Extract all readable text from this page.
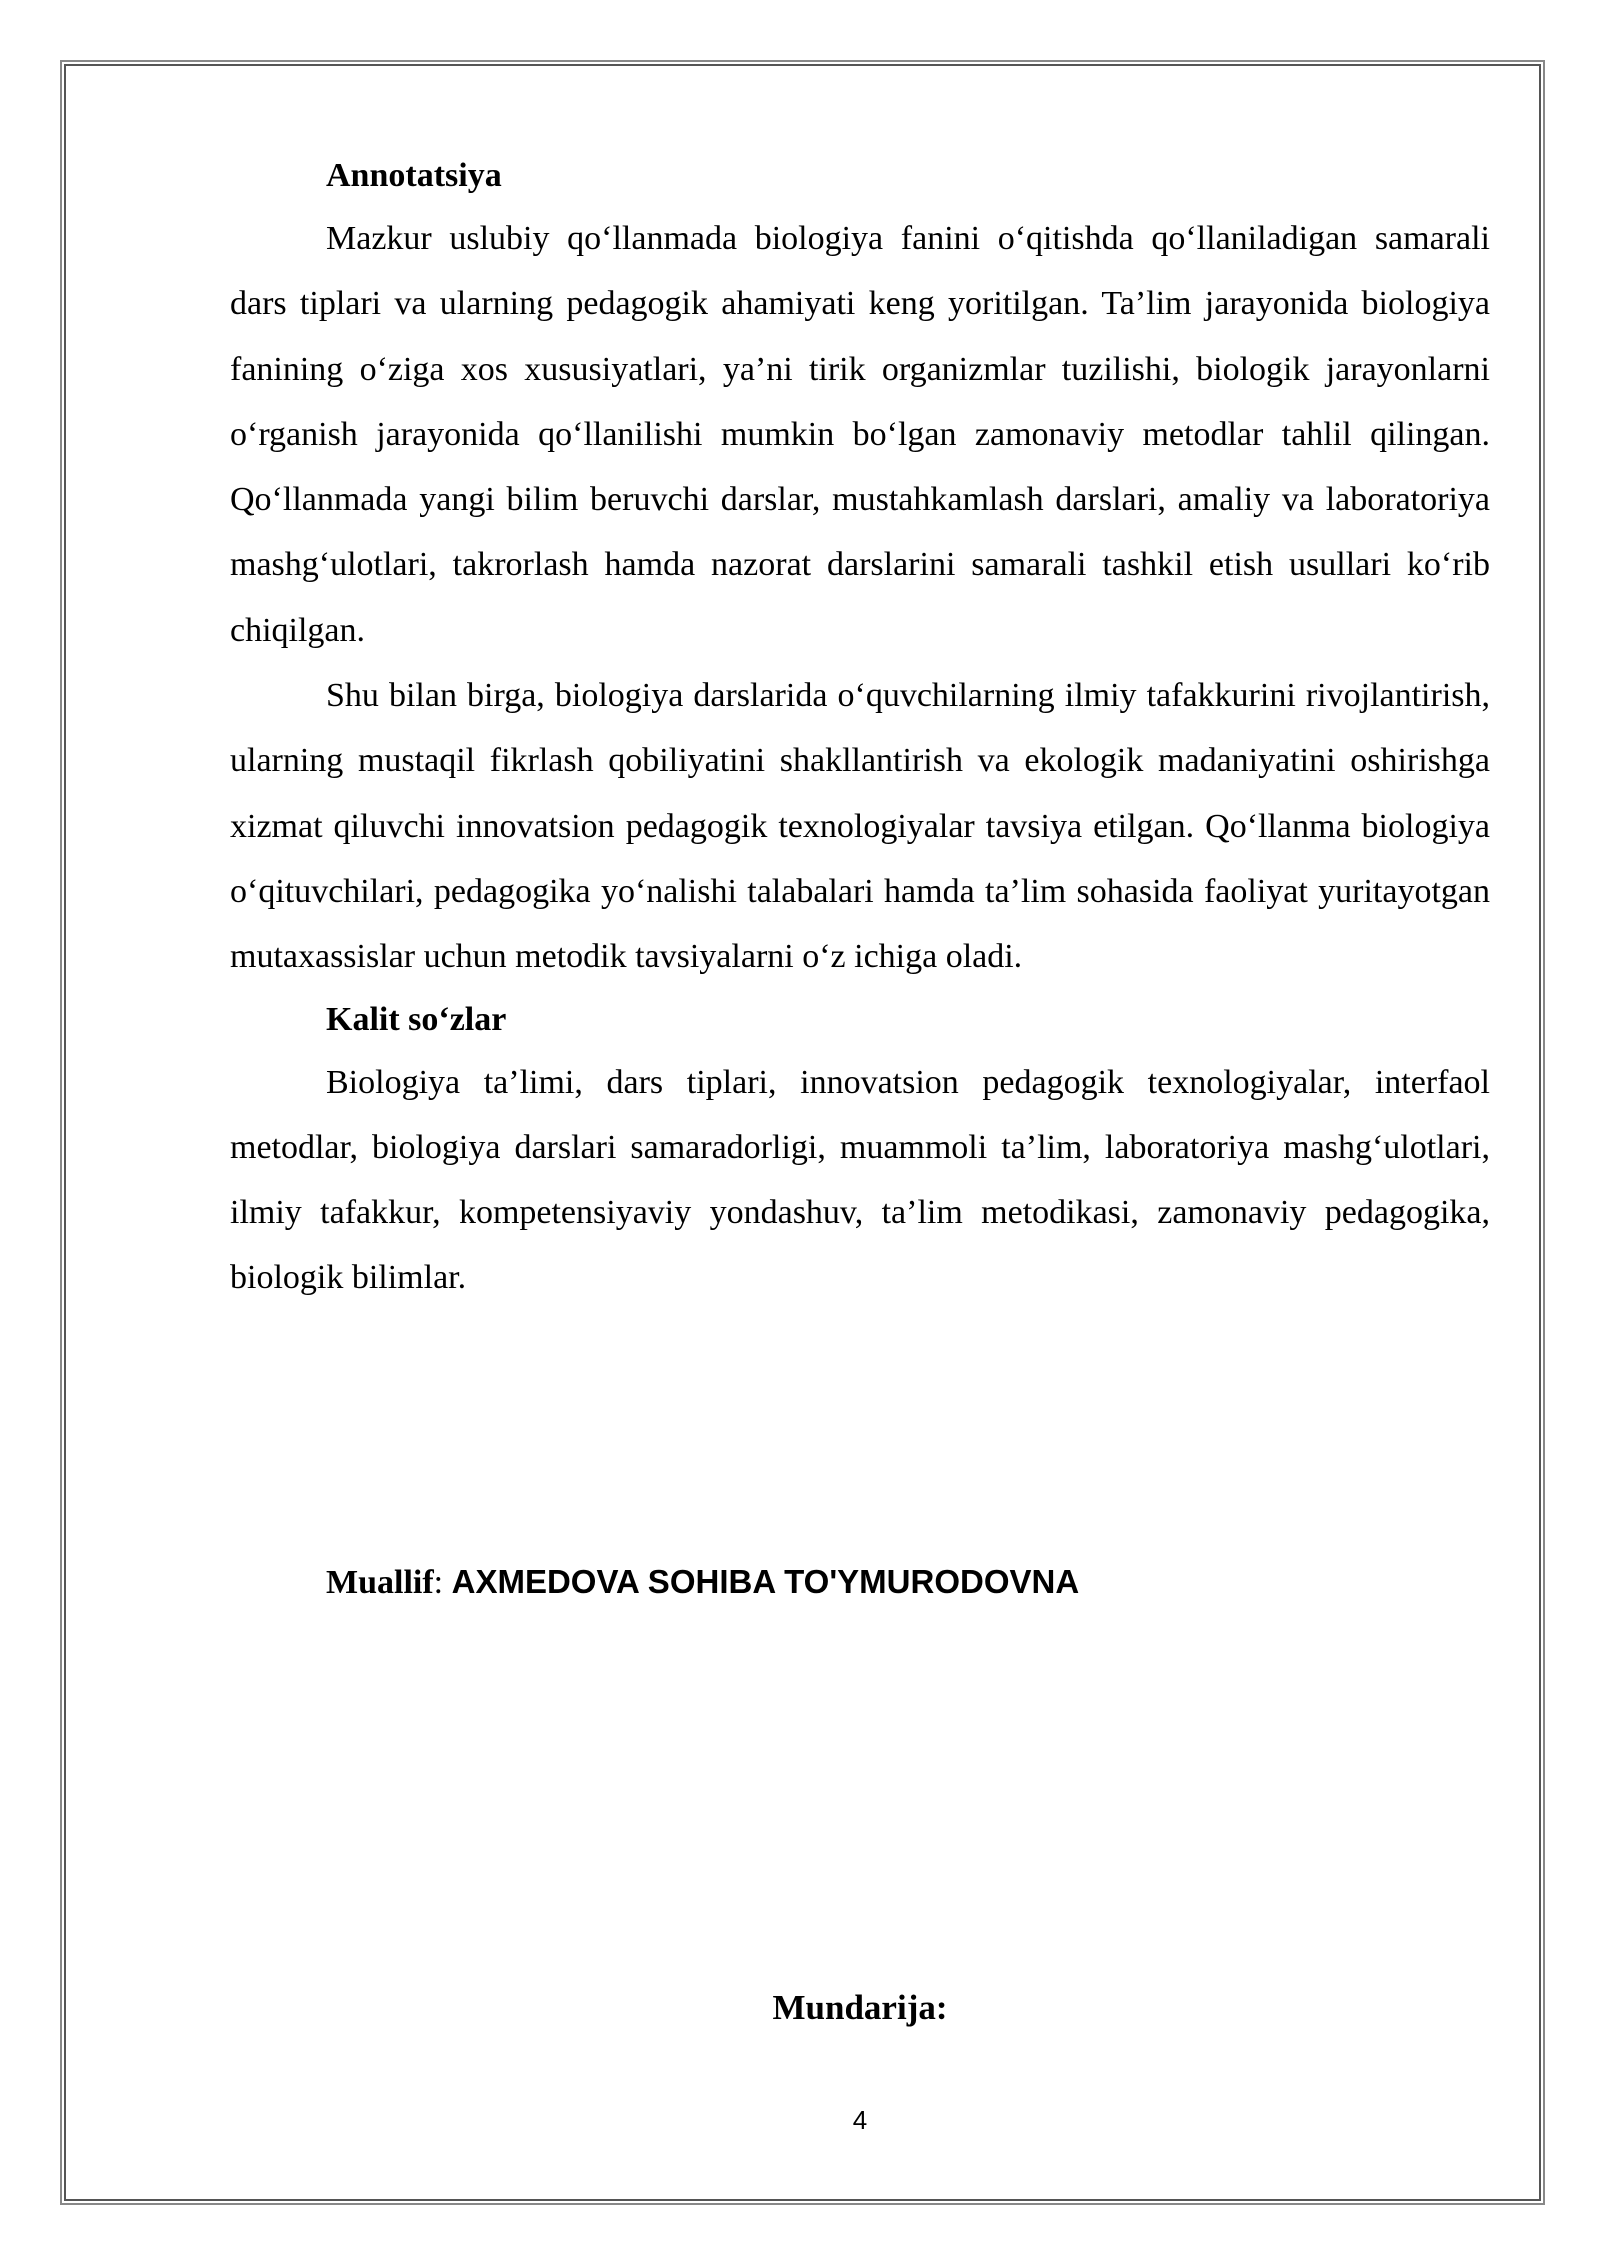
Annotatsiya

Mazkur uslubiy qo‘llanmada biologiya fanini o‘qitishda qo‘llaniladigan samarali dars tiplari va ularning pedagogik ahamiyati keng yoritilgan. Ta’lim jarayonida biologiya fanining o‘ziga xos xususiyatlari, ya’ni tirik organizmlar tuzilishi, biologik jarayonlarni o‘rganish jarayonida qo‘llanilishi mumkin bo‘lgan zamonaviy metodlar tahlil qilingan. Qo‘llanmada yangi bilim beruvchi darslar, mustahkamlash darslari, amaliy va laboratoriya mashg‘ulotlari, takrorlash hamda nazorat darslarini samarali tashkil etish usullari ko‘rib chiqilgan.

Shu bilan birga, biologiya darslarida o‘quvchilarning ilmiy tafakkurini rivojlantirish, ularning mustaqil fikrlash qobiliyatini shakllantirish va ekologik madaniyatini oshirishga xizmat qiluvchi innovatsion pedagogik texnologiyalar tavsiya etilgan. Qo‘llanma biologiya o‘qituvchilari, pedagogika yo‘nalishi talabalari hamda ta’lim sohasida faoliyat yuritayotgan mutaxassislar uchun metodik tavsiyalarni o‘z ichiga oladi.

Kalit so‘zlar

Biologiya ta’limi, dars tiplari, innovatsion pedagogik texnologiyalar, interfaol metodlar, biologiya darslari samaradorligi, muammoli ta’lim, laboratoriya mashg‘ulotlari, ilmiy tafakkur, kompetensiyaviy yondashuv, ta’lim metodikasi, zamonaviy pedagogika, biologik bilimlar.

Muallif: AXMEDOVA SOHIBA TO'YMURODOVNA
Mundarija:
4
